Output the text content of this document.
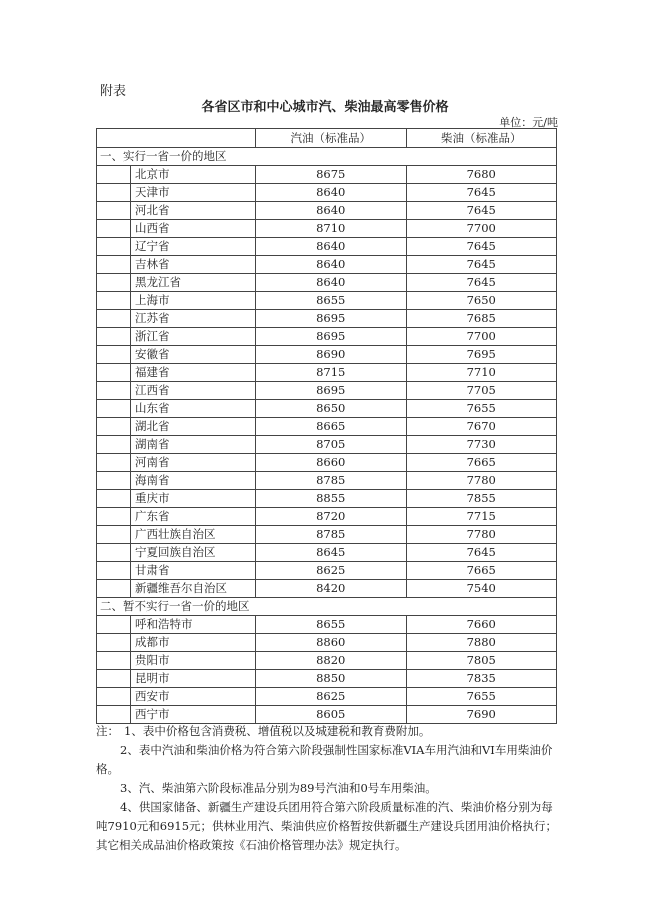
附表
各省区市和中心城市汽、柴油最高零售价格
单位：元/吨
		汽油（标准品）	柴油（标准品）
一、实行一省一价的地区			
	北京市	8675	7680
	天津市	8640	7645
	河北省	8640	7645
	山西省	8710	7700
	辽宁省	8640	7645
	吉林省	8640	7645
	黑龙江省	8640	7645
	上海市	8655	7650
	江苏省	8695	7685
	浙江省	8695	7700
	安徽省	8690	7695
	福建省	8715	7710
	江西省	8695	7705
	山东省	8650	7655
	湖北省	8665	7670
	湖南省	8705	7730
	河南省	8660	7665
	海南省	8785	7780
	重庆市	8855	7855
	广东省	8720	7715
	广西壮族自治区	8785	7780
	宁夏回族自治区	8645	7645
	甘肃省	8625	7665
	新疆维吾尔自治区	8420	7540
二、暂不实行一省一价的地区			
	呼和浩特市	8655	7660
	成都市	8860	7880
	贵阳市	8820	7805
	昆明市	8850	7835
	西安市	8625	7655
	西宁市	8605	7690
注： 1、表中价格包含消费税、增值税以及城建税和教育费附加。
2、表中汽油和柴油价格为符合第六阶段强制性国家标准VIA车用汽油和VI车用柴油价格。
3、汽、柴油第六阶段标准品分别为89号汽油和0号车用柴油。
4、供国家储备、新疆生产建设兵团用符合第六阶段质量标准的汽、柴油价格分别为每吨7910元和6915元；供林业用汽、柴油供应价格暂按供新疆生产建设兵团用油价格执行；其它相关成品油价格政策按《石油价格管理办法》规定执行。
